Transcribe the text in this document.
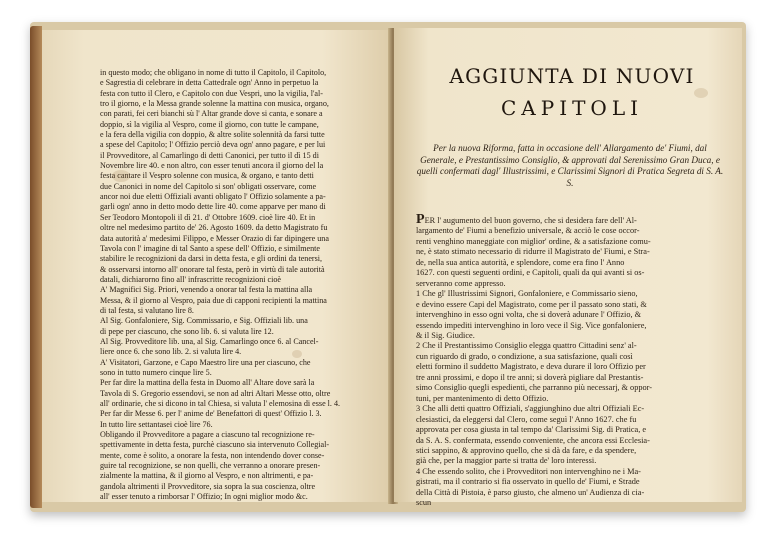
in questo modo; che obligano in nome di tutto il Capitolo, il Capitolo,
e Sagrestia di celebrare in detta Cattedrale ogn' Anno in perpetuo la
festa con tutto il Clero, e Capitolo con due Vespri, uno la vigilia, l'al-
tro il giorno, e la Messa grande solenne la mattina con musica, organo,
con parati, fei ceri bianchi sù l' Altar grande dove si canta, e sonare a
doppio, sì la vigilia al Vespro, come il giorno, con tutte le campane,
e la fera della vigilia con doppio, & altre solite solennità da farsi tutte
a spese del Capitolo; l' Offizio perciò deva ogn' anno pagare, e per lui
il Provveditore, al Camarlingo di detti Canonici, per tutto il dì 15 di
Novembre lire 40. e non altro, con esser tenuti ancora il giorno del la
festa cantare il Vespro solenne con musica, & organo, e tanto detti
due Canonici in nome del Capitolo si son' obligati osservare, come
ancor noi due eletti Offiziali avanti obligato l' Offizio solamente a pa-
garli ogn' anno in detto modo dette lire 40. come apparve per mano di
Ser Teodoro Montopoli il dì 21. d' Ottobre 1609. cioè lire 40. Et in
oltre nel medesimo partito de' 26. Agosto 1609. da detto Magistrato fu
data autorità a' medesimi Filippo, e Messer Orazio di far dipingere una
Tavola con l' imagine di tal Santo a spese dell' Offizio, e similmente
stabilire le recognizioni da darsi in detta festa, e gli ordini da tenersi,
& osservarsi intorno all' onorare tal festa, però in virtù di tale autorità
datali, dichiarorno fino all' infrascritte recognizioni cioè
A' Magnifici Sig. Priori, venendo a onorar tal festa la mattina alla
Messa, & il giorno al Vespro, paia due di capponi recipienti la mattina
di tal festa, si valutano lire 8.
Al Sig. Gonfaloniere, Sig. Commissario, e Sig. Offiziali lib. una
di pepe per ciascuno, che sono lib. 6. si valuta lire 12.
Al Sig. Provveditore lib. una, al Sig. Camarlingo once 6. al Cancel-
liere once 6. che sono lib. 2. si valuta lire 4.
A' Visitatori, Garzone, e Capo Maestro lire una per ciascuno, che
sono in tutto numero cinque lire 5.
Per far dire la mattina della festa in Duomo all' Altare dove sarà la
Tavola di S. Gregorio essendovi, se non ad altri Altari Messe otto, oltre
all' ordinarie, che si dicono in tal Chiesa, si valuta l' elemosina di esse l. 4.
Per far dir Messe 6. per l' anime de' Benefattori di quest' Offizio l. 3.
In tutto lire settantasei cioè lire 76.
Obligando il Provveditore a pagare a ciascuno tal recognizione re-
spettivamente in detta festa, purchè ciascuno sia intervenuto Collegial-
mente, come è solito, a onorare la festa, non intendendo dover conse-
guire tal recognizione, se non quelli, che verranno a onorare presen-
zialmente la mattina, & il giorno al Vespro, e non altrimenti, e pa-
gandola altrimenti il Provveditore, sia sopra la sua coscienza, oltre
all' esser tenuto a rimborsar l' Offizio; In ogni miglior modo &c.
AGGIUNTA DI NUOVI
CAPITOLI
Per la nuova Riforma, fatta in occasione dell' Allargamento de' Fiumi, dal Generale, e Prestantissimo Consiglio, & approvati dal Serenissimo Gran Duca, e quelli confermati dagl' Illustrissimi, e Clarissimi Signori di Pratica Segreta di S. A. S.
PER l' augumento del buon governo, che si desidera fare dell' Al-
largamento de' Fiumi a benefizio universale, & acciò le cose occor-
renti venghino maneggiate con miglior' ordine, & a satisfazione comu-
ne, è stato stimato necessario di ridurre il Magistrato de' Fiumi, e Stra-
de, nella sua antica autorità, e splendore, come era fino l' Anno
1627. con questi seguenti ordini, e Capitoli, quali da qui avanti si os-
serveranno come appresso.
1 Che gl' Illustrissimi Signori, Gonfaloniere, e Commissario sieno,
e devino essere Capi del Magistrato, come per il passato sono stati, &
intervenghino in esso ogni volta, che si doverà adunare l' Offizio, &
essendo impediti intervenghino in loro vece il Sig. Vice gonfaloniere,
& il Sig. Giudice.
2 Che il Prestantissimo Consiglio elegga quattro Cittadini senz' al-
cun riguardo di grado, o condizione, a sua satisfazione, quali così
eletti formino il suddetto Magistrato, e deva durare il loro Offizio per
tre anni prossimi, e dopo il tre anni; si doverà pigliare dal Prestantis-
simo Consiglio quegli espedienti, che parranno più necessarj, & oppor-
tuni, per mantenimento di detto Offizio.
3 Che alli detti quattro Offiziali, s'aggiunghino due altri Offiziali Ec-
clesiastici, da eleggersi dal Clero, come seguì l' Anno 1627. che fu
approvata per cosa giusta in tal tempo da' Clarissimi Sig. di Pratica, e
da S. A. S. confermata, essendo conveniente, che ancora essi Ecclesia-
stici sappino, & approvino quello, che si dà da fare, e da spendere,
già che, per la maggior parte si tratta de' loro interessi.
4 Che essendo solito, che i Provveditori non intervenghino ne i Ma-
gistrati, ma il contrario si fia osservato in quello de' Fiumi, e Strade
della Città di Pistoia, è parso giusto, che almeno un' Audienza di cia-
scun
